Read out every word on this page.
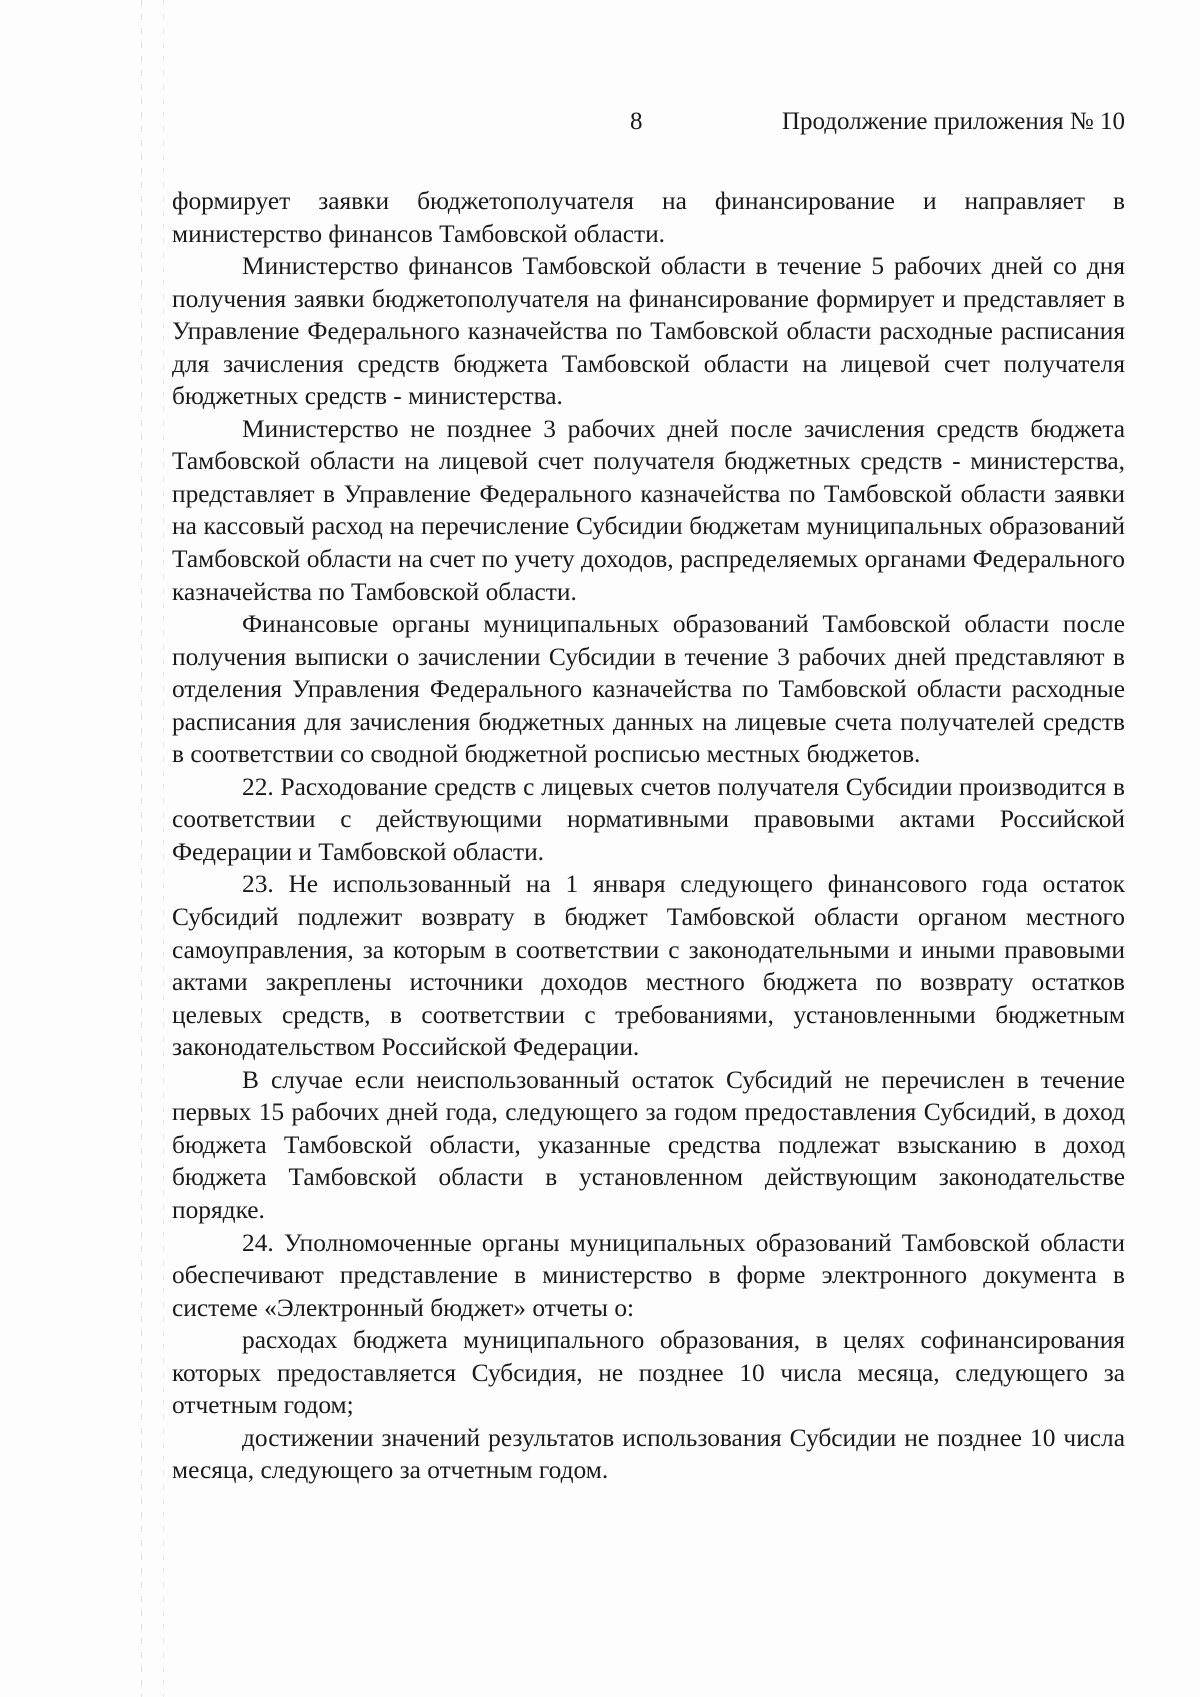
8	Продолжение приложения № 10

формирует заявки бюджетополучателя на финансирование и направляет в министерство финансов Тамбовской области.

Министерство финансов Тамбовской области в течение 5 рабочих дней со дня получения заявки бюджетополучателя на финансирование формирует и представляет в Управление Федерального казначейства по Тамбовской области расходные расписания для зачисления средств бюджета Тамбовской области на лицевой счет получателя бюджетных средств - министерства.

Министерство не позднее 3 рабочих дней после зачисления средств бюджета Тамбовской области на лицевой счет получателя бюджетных средств - министерства, представляет в Управление Федерального казначейства по Тамбовской области заявки на кассовый расход на перечисление Субсидии бюджетам муниципальных образований Тамбовской области на счет по учету доходов, распределяемых органами Федерального казначейства по Тамбовской области.

Финансовые органы муниципальных образований Тамбовской области после получения выписки о зачислении Субсидии в течение 3 рабочих дней представляют в отделения Управления Федерального казначейства по Тамбовской области расходные расписания для зачисления бюджетных данных на лицевые счета получателей средств в соответствии со сводной бюджетной росписью местных бюджетов.

22. Расходование средств с лицевых счетов получателя Субсидии производится в соответствии с действующими нормативными правовыми актами Российской Федерации и Тамбовской области.

23. Не использованный на 1 января следующего финансового года остаток Субсидий подлежит возврату в бюджет Тамбовской области органом местного самоуправления, за которым в соответствии с законодательными и иными правовыми актами закреплены источники доходов местного бюджета по возврату остатков целевых средств, в соответствии с требованиями, установленными бюджетным законодательством Российской Федерации.

В случае если неиспользованный остаток Субсидий не перечислен в течение первых 15 рабочих дней года, следующего за годом предоставления Субсидий, в доход бюджета Тамбовской области, указанные средства подлежат взысканию в доход бюджета Тамбовской области в установленном действующим законодательстве порядке.

24. Уполномоченные органы муниципальных образований Тамбовской области обеспечивают представление в министерство в форме электронного документа в системе «Электронный бюджет» отчеты о:

расходах бюджета муниципального образования, в целях софинансирования которых предоставляется Субсидия, не позднее 10 числа месяца, следующего за отчетным годом;

достижении значений результатов использования Субсидии не позднее 10 числа месяца, следующего за отчетным годом.
